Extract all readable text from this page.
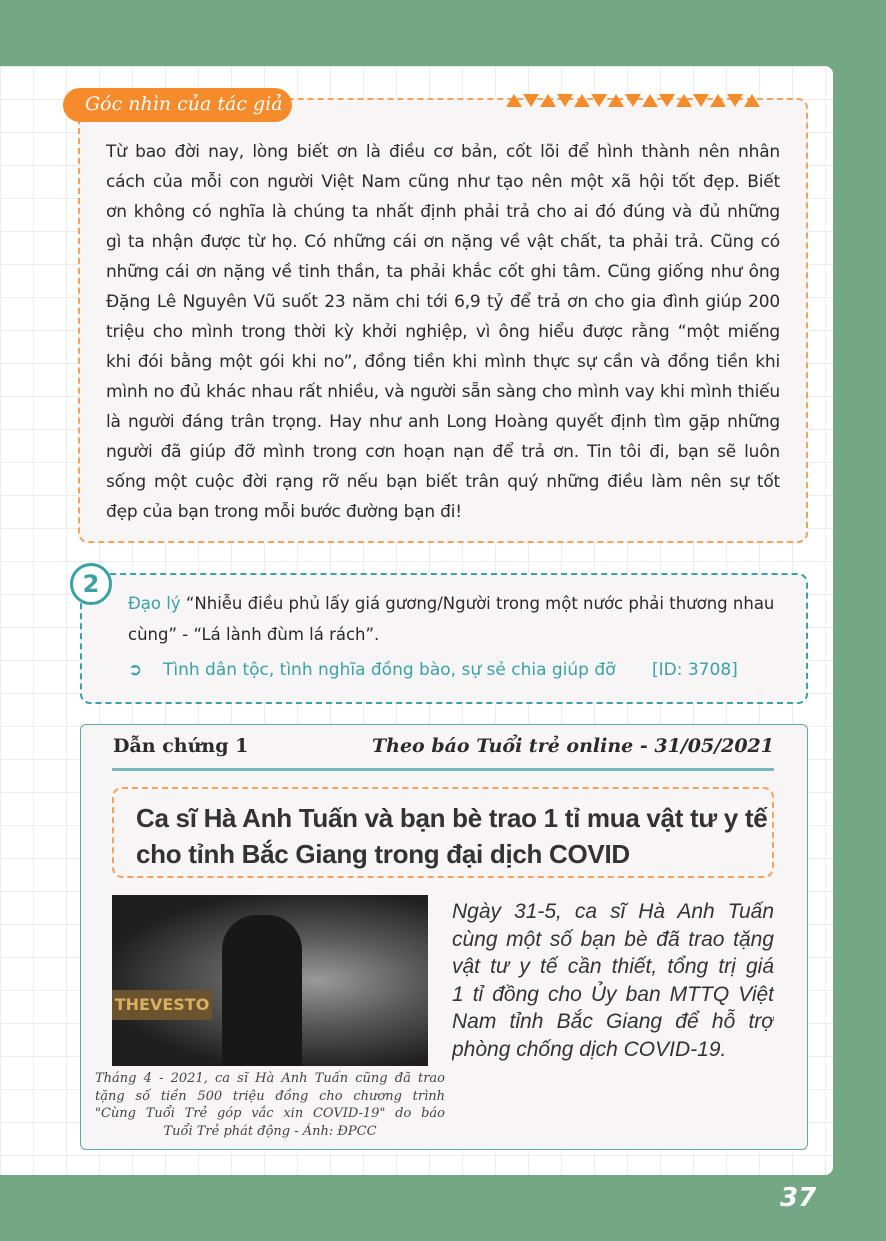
Góc nhìn của tác giả
Từ bao đời nay, lòng biết ơn là điều cơ bản, cốt lõi để hình thành nên nhân
cách của mỗi con người Việt Nam cũng như tạo nên một xã hội tốt đẹp. Biết
ơn không có nghĩa là chúng ta nhất định phải trả cho ai đó đúng và đủ những
gì ta nhận được từ họ. Có những cái ơn nặng về vật chất, ta phải trả. Cũng có
những cái ơn nặng về tinh thần, ta phải khắc cốt ghi tâm. Cũng giống như ông
Đặng Lê Nguyên Vũ suốt 23 năm chi tới 6,9 tỷ để trả ơn cho gia đình giúp 200
triệu cho mình trong thời kỳ khởi nghiệp, vì ông hiểu được rằng “một miếng
khi đói bằng một gói khi no”, đồng tiền khi mình thực sự cần và đồng tiền khi
mình no đủ khác nhau rất nhiều, và người sẵn sàng cho mình vay khi mình thiếu
là người đáng trân trọng. Hay như anh Long Hoàng quyết định tìm gặp những
người đã giúp đỡ mình trong cơn hoạn nạn để trả ơn. Tin tôi đi, bạn sẽ luôn
sống một cuộc đời rạng rỡ nếu bạn biết trân quý những điều làm nên sự tốt
đẹp của bạn trong mỗi bước đường bạn đi!
2
Đạo lý “Nhiễu điều phủ lấy giá gương/Người trong một nước phải thương nhau
cùng” - “Lá lành đùm lá rách”.
➲ Tình dân tộc, tình nghĩa đồng bào, sự sẻ chia giúp đỡ [ID: 3708]
Dẫn chứng 1	Theo báo Tuổi trẻ online - 31/05/2021
Ca sĩ Hà Anh Tuấn và bạn bè trao 1 tỉ mua vật tư y tế
cho tỉnh Bắc Giang trong đại dịch COVID
THEVESTO
Tháng 4 - 2021, ca sĩ Hà Anh Tuấn cũng đã trao
tặng số tiền 500 triệu đồng cho chương trình
"Cùng Tuổi Trẻ góp vắc xin COVID-19" do báo
Tuổi Trẻ phát động - Ảnh: ĐPCC
Ngày 31-5, ca sĩ Hà Anh Tuấn
cùng một số bạn bè đã trao tặng
vật tư y tế cần thiết, tổng trị giá
1 tỉ đồng cho Ủy ban MTTQ Việt
Nam tỉnh Bắc Giang để hỗ trợ
phòng chống dịch COVID-19.
37
